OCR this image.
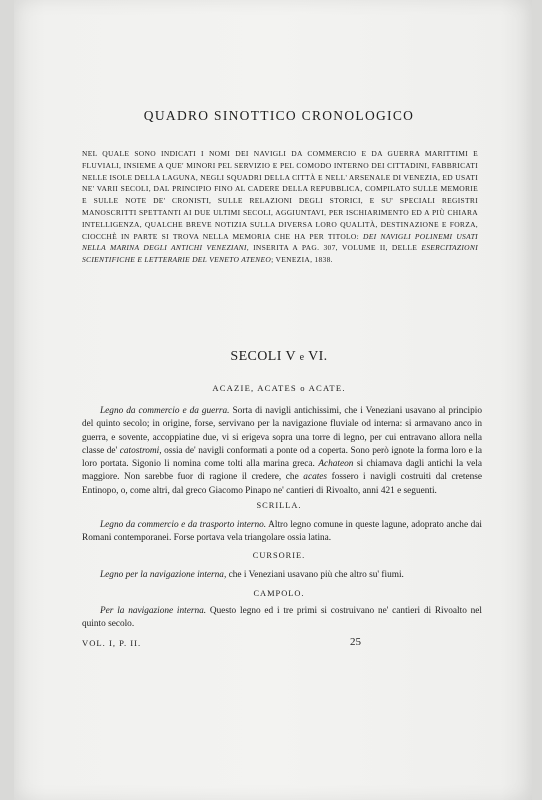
QUADRO SINOTTICO CRONOLOGICO
NEL QUALE SONO INDICATI I NOMI DEI NAVIGLI DA COMMERCIO E DA GUERRA MARITTIMI E FLUVIALI, INSIEME A QUE' MINORI PEL SERVIZIO E PEL COMODO INTERNO DEI CITTADINI, FABBRICATI NELLE ISOLE DELLA LAGUNA, NEGLI SQUADRI DELLA CITTÀ E NELL' ARSENALE DI VENEZIA, ED USATI NE' VARII SECOLI, DAL PRINCIPIO FINO AL CADERE DELLA REPUBBLICA, COMPILATO SULLE MEMORIE E SULLE NOTE DE' CRONISTI, SULLE RELAZIONI DEGLI STORICI, E SU' SPECIALI REGISTRI MANOSCRITTI SPETTANTI AI DUE ULTIMI SECOLI, AGGIUNTAVI, PER ISCHIARIMENTO ED A PIÙ CHIARA INTELLIGENZA, QUALCHE BREVE NOTIZIA SULLA DIVERSA LORO QUALITÀ, DESTINAZIONE E FORZA, CIOCCHÈ IN PARTE SI TROVA NELLA MEMORIA CHE HA PER TITOLO: DEI NAVIGLI POLINEMI USATI NELLA MARINA DEGLI ANTICHI VENEZIANI, INSERITA A PAG. 307, VOLUME II, DELLE ESERCITAZIONI SCIENTIFICHE E LETTERARIE DEL VENETO ATENEO; VENEZIA, 1838.
SECOLI V e VI.
ACAZIE, ACATES o ACATE.
Legno da commercio e da guerra. Sorta di navigli antichissimi, che i Veneziani usavano al principio del quinto secolo; in origine, forse, servivano per la navigazione fluviale od interna: si armavano anco in guerra, e sovente, accoppiatine due, vi si erigeva sopra una torre di legno, per cui entravano allora nella classe de' catostromi, ossia de' navigli conformati a ponte od a coperta. Sono però ignote la forma loro e la loro portata. Sigonio li nomina come tolti alla marina greca. Achateon si chiamava dagli antichi la vela maggiore. Non sarebbe fuor di ragione il credere, che acates fossero i navigli costruiti dal cretense Entinopo, o, come altri, dal greco Giacomo Pinapo ne' cantieri di Rivoalto, anni 421 e seguenti.
SCRILLA.
Legno da commercio e da trasporto interno. Altro legno comune in queste lagune, adoprato anche dai Romani contemporanei. Forse portava vela triangolare ossia latina.
CURSORIE.
Legno per la navigazione interna, che i Veneziani usavano più che altro su' fiumi.
CAMPOLO.
Per la navigazione interna. Questo legno ed i tre primi si costruivano ne' cantieri di Rivoalto nel quinto secolo.
VOL. I, P. II.	25
